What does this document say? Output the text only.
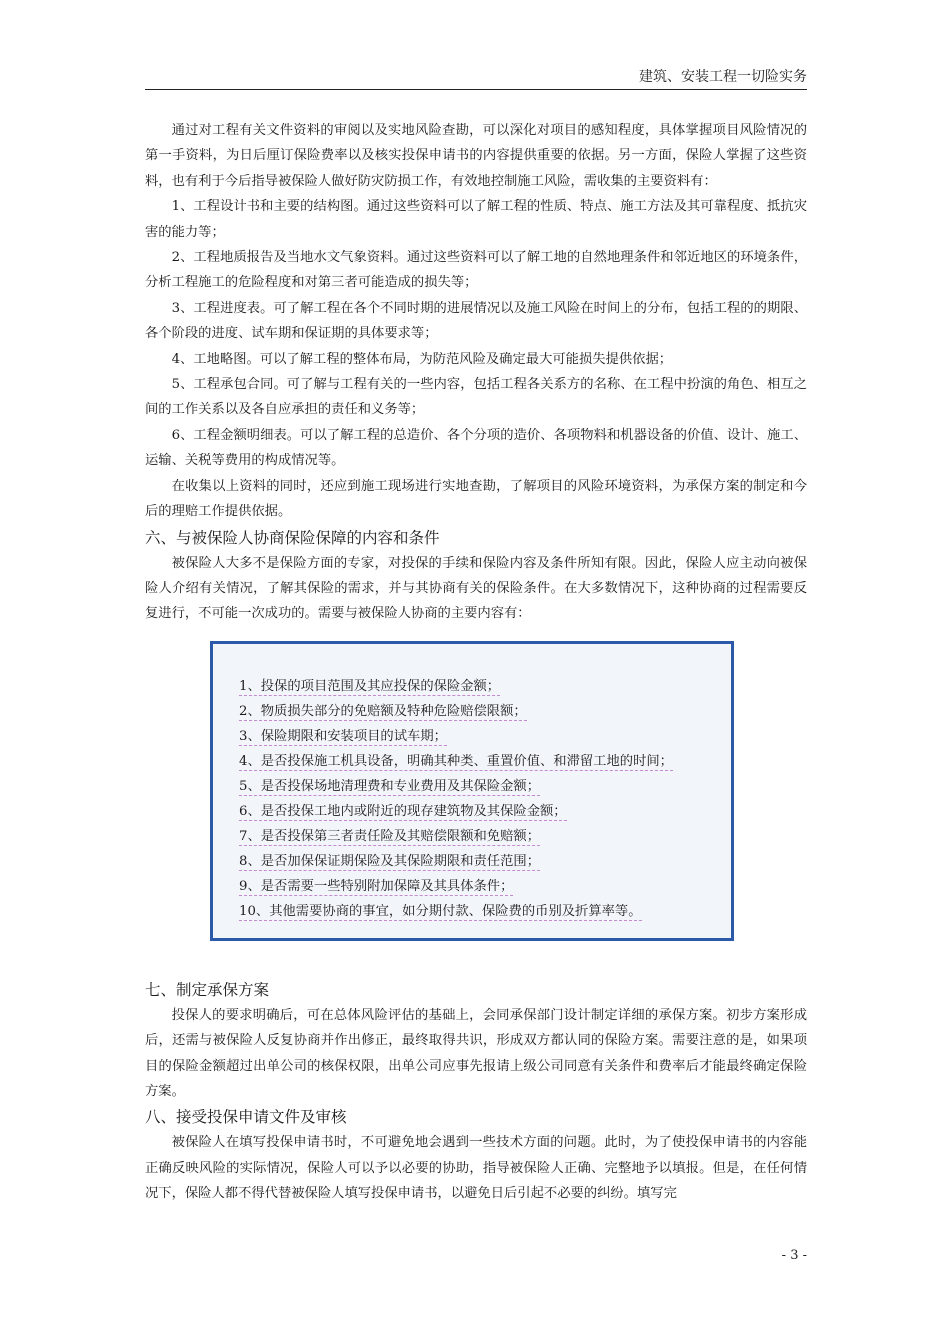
建筑、安装工程一切险实务

通过对工程有关文件资料的审阅以及实地风险查勘，可以深化对项目的感知程度，具体掌握项目风险情况的第一手资料，为日后厘订保险费率以及核实投保申请书的内容提供重要的依据。另一方面，保险人掌握了这些资料，也有利于今后指导被保险人做好防灾防损工作，有效地控制施工风险，需收集的主要资料有：

1、工程设计书和主要的结构图。通过这些资料可以了解工程的性质、特点、施工方法及其可靠程度、抵抗灾害的能力等；

2、工程地质报告及当地水文气象资料。通过这些资料可以了解工地的自然地理条件和邻近地区的环境条件，分析工程施工的危险程度和对第三者可能造成的损失等；

3、工程进度表。可了解工程在各个不同时期的进展情况以及施工风险在时间上的分布，包括工程的的期限、各个阶段的进度、试车期和保证期的具体要求等；

4、工地略图。可以了解工程的整体布局，为防范风险及确定最大可能损失提供依据；

5、工程承包合同。可了解与工程有关的一些内容，包括工程各关系方的名称、在工程中扮演的角色、相互之间的工作关系以及各自应承担的责任和义务等；

6、工程金额明细表。可以了解工程的总造价、各个分项的造价、各项物料和机器设备的价值、设计、施工、运输、关税等费用的构成情况等。

在收集以上资料的同时，还应到施工现场进行实地查勘，了解项目的风险环境资料，为承保方案的制定和今后的理赔工作提供依据。

六、与被保险人协商保险保障的内容和条件

被保险人大多不是保险方面的专家，对投保的手续和保险内容及条件所知有限。因此，保险人应主动向被保险人介绍有关情况，了解其保险的需求，并与其协商有关的保险条件。在大多数情况下，这种协商的过程需要反复进行，不可能一次成功的。需要与被保险人协商的主要内容有：

1、投保的项目范围及其应投保的保险金额；
2、物质损失部分的免赔额及特种危险赔偿限额；
3、保险期限和安装项目的试车期；
4、是否投保施工机具设备，明确其种类、重置价值、和滞留工地的时间；
5、是否投保场地清理费和专业费用及其保险金额；
6、是否投保工地内或附近的现存建筑物及其保险金额；
7、是否投保第三者责任险及其赔偿限额和免赔额；
8、是否加保保证期保险及其保险期限和责任范围；
9、是否需要一些特别附加保障及其具体条件；
10、其他需要协商的事宜，如分期付款、保险费的币别及折算率等。
七、制定承保方案

投保人的要求明确后，可在总体风险评估的基础上，会同承保部门设计制定详细的承保方案。初步方案形成后，还需与被保险人反复协商并作出修正，最终取得共识，形成双方都认同的保险方案。需要注意的是，如果项目的保险金额超过出单公司的核保权限，出单公司应事先报请上级公司同意有关条件和费率后才能最终确定保险方案。

八、接受投保申请文件及审核

被保险人在填写投保申请书时，不可避免地会遇到一些技术方面的问题。此时，为了使投保申请书的内容能正确反映风险的实际情况，保险人可以予以必要的协助，指导被保险人正确、完整地予以填报。但是，在任何情况下，保险人都不得代替被保险人填写投保申请书，以避免日后引起不必要的纠纷。填写完

- 3 -
